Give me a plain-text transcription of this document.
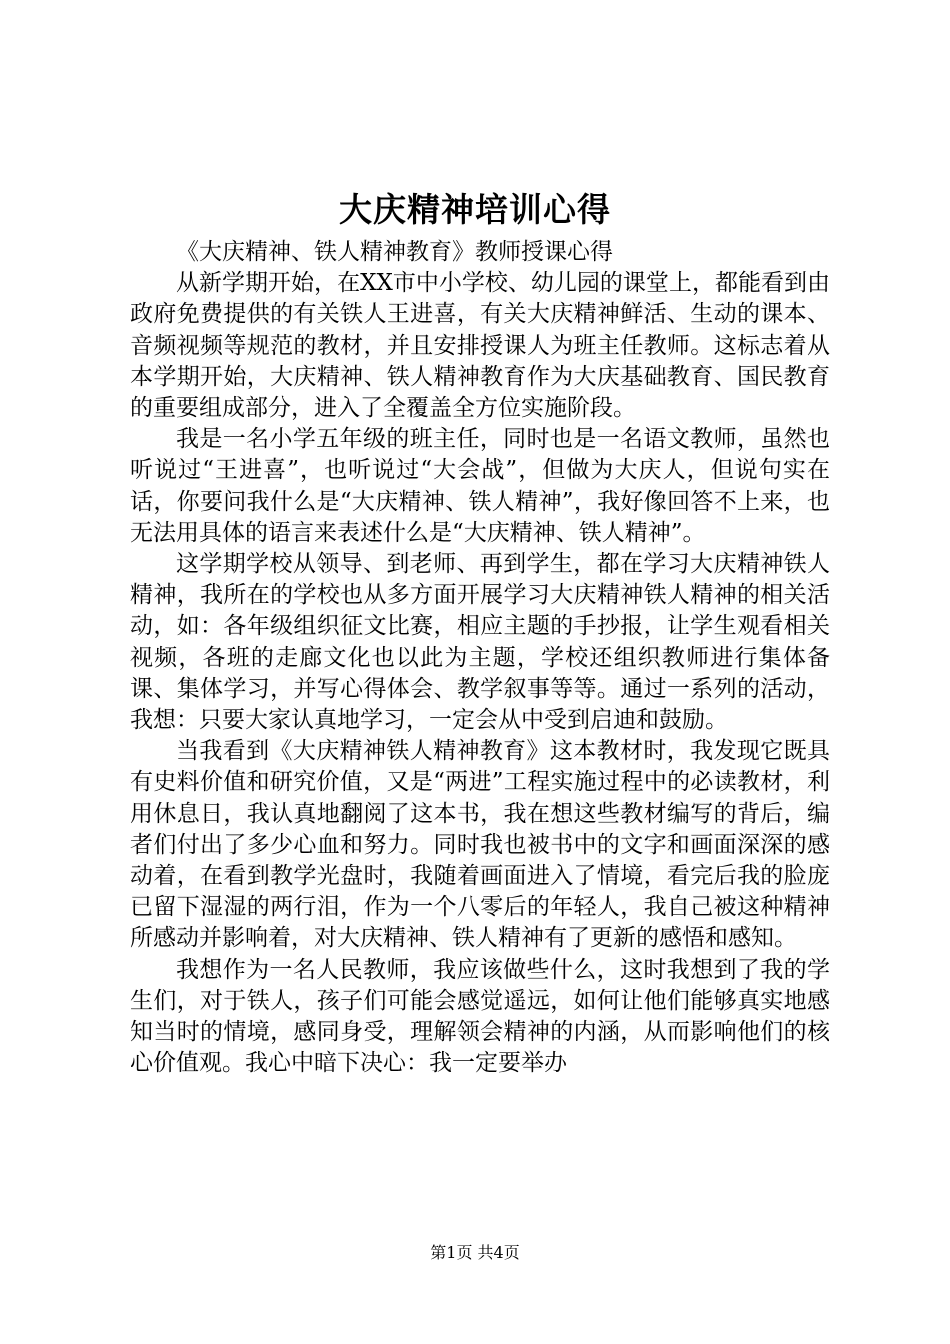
大庆精神培训心得

《大庆精神、铁人精神教育》教师授课心得

从新学期开始，在XX市中小学校、幼儿园的课堂上，都能看到由政府免费提供的有关铁人王进喜，有关大庆精神鲜活、生动的课本、音频视频等规范的教材，并且安排授课人为班主任教师。这标志着从本学期开始，大庆精神、铁人精神教育作为大庆基础教育、国民教育的重要组成部分，进入了全覆盖全方位实施阶段。

我是一名小学五年级的班主任，同时也是一名语文教师，虽然也听说过“王进喜”，也听说过“大会战”，但做为大庆人，但说句实在话，你要问我什么是“大庆精神、铁人精神”，我好像回答不上来，也无法用具体的语言来表述什么是“大庆精神、铁人精神”。

这学期学校从领导、到老师、再到学生，都在学习大庆精神铁人精神，我所在的学校也从多方面开展学习大庆精神铁人精神的相关活动，如：各年级组织征文比赛，相应主题的手抄报，让学生观看相关视频，各班的走廊文化也以此为主题，学校还组织教师进行集体备课、集体学习，并写心得体会、教学叙事等等。通过一系列的活动，我想：只要大家认真地学习，一定会从中受到启迪和鼓励。

当我看到《大庆精神铁人精神教育》这本教材时，我发现它既具有史料价值和研究价值，又是“两进”工程实施过程中的必读教材，利用休息日，我认真地翻阅了这本书，我在想这些教材编写的背后，编者们付出了多少心血和努力。同时我也被书中的文字和画面深深的感动着，在看到教学光盘时，我随着画面进入了情境，看完后我的脸庞已留下湿湿的两行泪，作为一个八零后的年轻人，我自己被这种精神所感动并影响着，对大庆精神、铁人精神有了更新的感悟和感知。

我想作为一名人民教师，我应该做些什么，这时我想到了我的学生们，对于铁人，孩子们可能会感觉遥远，如何让他们能够真实地感知当时的情境，感同身受，理解领会精神的内涵，从而影响他们的核心价值观。我心中暗下决心：我一定要举办

第1页 共4页
